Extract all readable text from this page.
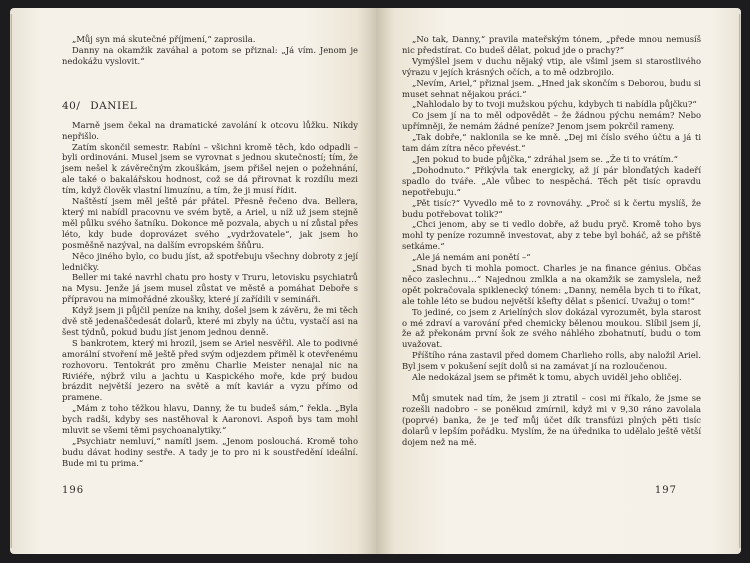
„Můj syn má skutečné příjmení,“ zaprosila.

Danny na okamžik zaváhal a potom se přiznal: „Já vím. Jenom je nedokážu vyslovit.“

40/ DANIEL

Marně jsem čekal na dramatické zavolání k otcovu lůžku. Nikdy nepřišlo.

Zatím skončil semestr. Rabíni – všichni kromě těch, kdo odpadli – byli ordinováni. Musel jsem se vyrovnat s jednou skutečností; tím, že jsem nešel k závěrečným zkouškám, jsem přišel nejen o požehnání, ale také o bakalářskou hodnost, což se dá přirovnat k rozdílu mezi tím, když člověk vlastní limuzínu, a tím, že ji musí řídit.

Naštěstí jsem měl ještě pár přátel. Přesně řečeno dva. Bellera, který mi nabídl pracovnu ve svém bytě, a Ariel, u níž už jsem stejně měl půlku svého šatníku. Dokonce mě pozvala, abych u ní zůstal přes léto, kdy bude doprovázet svého „vydržovatele“, jak jsem ho posměšně nazýval, na dalším evropském šňůru.

Něco jiného bylo, co budu jíst, až spotřebuju všechny dobroty z její ledničky.

Beller mi také navrhl chatu pro hosty v Truru, letovisku psychiatrů na Mysu. Jenže já jsem musel zůstat ve městě a pomáhat Deboře s přípravou na mimořádné zkoušky, které jí zařídili v semináři.

Když jsem ji půjčil peníze na knihy, došel jsem k závěru, že mi těch dvě stě jedenaščedesát dolarů, které mi zbyly na účtu, vystačí asi na šest týdnů, pokud budu jíst jenom jednou denně.

S bankrotem, který mi hrozil, jsem se Ariel nesvěřil. Ale to podivné amorální stvoření mě ještě před svým odjezdem přiměl k otevřenému rozhovoru. Tentokrát pro změnu Charlie Meister nenajal nic na Riviéře, nýbrž vilu a jachtu u Kaspického moře, kde prý budou brázdit největší jezero na světě a mít kaviár a vyzu přímo od pramene.

„Mám z toho těžkou hlavu, Danny, že tu budeš sám,“ řekla. „Byla bych radši, kdyby ses nastěhoval k Aaronovi. Aspoň bys tam mohl mluvit se všemi těmi psychoanalytiky.“

„Psychiatr nemluví,“ namítl jsem. „Jenom poslouchá. Kromě toho budu dávat hodiny sestře. A tady je to pro ni k soustředění ideální. Bude mi tu prima.“

196

„No tak, Danny,“ pravila mateřským tónem, „přede mnou nemusíš nic předstírat. Co budeš dělat, pokud jde o prachy?“

Vymýšlel jsem v duchu nějaký vtip, ale všiml jsem si starostlivého výrazu v jejích krásných očích, a to mě odzbrojilo.

„Nevím, Ariel,“ přiznal jsem. „Hned jak skončím s Deborou, budu si muset sehnat nějakou práci.“

„Nahlodalo by to tvoji mužskou pýchu, kdybych ti nabídla půjčku?“

Co jsem jí na to měl odpovědět – že žádnou pýchu nemám? Nebo upřímněji, že nemám žádné peníze? Jenom jsem pokrčil rameny.

„Tak dobře,“ naklonila se ke mně. „Dej mi číslo svého účtu a já ti tam dám zítra něco převést.“

„Jen pokud to bude půjčka,“ zdráhal jsem se. „Že ti to vrátím.“

„Dohodnuto.“ Přikývla tak energicky, až jí pár blonďatých kadeří spadlo do tváře. „Ale vůbec to nespěchá. Těch pět tisíc opravdu nepotřebuju.“

„Pět tisíc?“ Vyvedlo mě to z rovnováhy. „Proč si k čertu myslíš, že budu potřebovat tolik?“

„Chci jenom, aby se ti vedlo dobře, až budu pryč. Kromě toho bys mohl ty peníze rozumně investovat, aby z tebe byl boháč, až se přiště setkáme.“

„Ale já nemám ani ponětí –“

„Snad bych ti mohla pomoct. Charles je na finance génius. Občas něco zaslechnu…“ Najednou zmlkla a na okamžik se zamyslela, než opět pokračovala spiklenecký tónem: „Danny, neměla bych ti to říkat, ale tohle léto se budou největší kšefty dělat s pšenicí. Uvažuj o tom!“

To jediné, co jsem z Arielíných slov dokázal vyrozumět, byla starost o mé zdraví a varování před chemicky bělenou moukou. Slíbil jsem jí, že až překonám první šok ze svého náhlého zbohatnutí, budu o tom uvažovat.

Příštího rána zastavil před domem Charlieho rolls, aby naložil Ariel. Byl jsem v pokušení sejít dolů si na zamávat jí na rozloučenou.

Ale nedokázal jsem se přimět k tomu, abych uviděl jeho obličej.

Můj smutek nad tím, že jsem ji ztratil – cosi mi říkalo, že jsme se rozešli nadobro – se poněkud zmírnil, když mi v 9,30 ráno zavolala (poprvé) banka, že je teď můj účet dík transfúzi plných pěti tisíc dolarů v lepším pořádku. Myslím, že na úřednika to udělalo ještě větší dojem než na mě.

197
